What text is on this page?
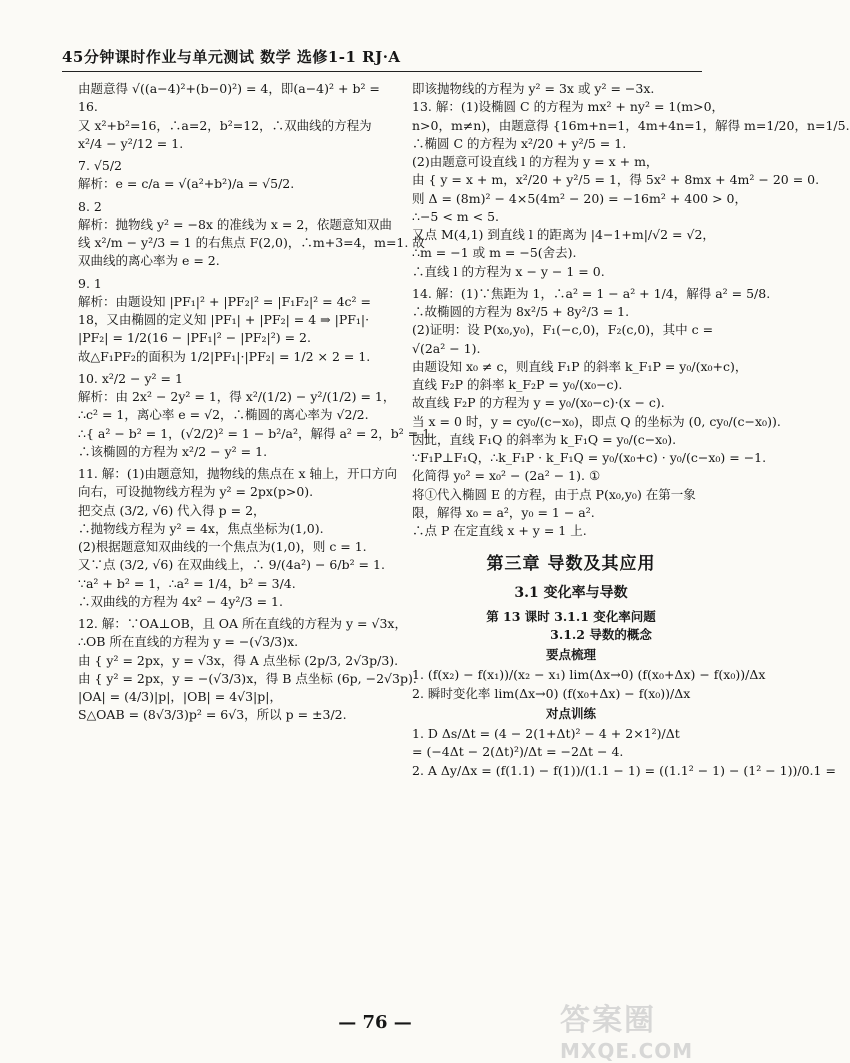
45分钟课时作业与单元测试 数学 选修1-1 RJ·A
由题意得 √((a−4)²+(b−0)²) = 4，即(a−4)² + b² =
16.
又 x²+b²=16，∴a=2，b²=12，∴双曲线的方程为
x²/4 − y²/12 = 1.
7. √5/2
解析：e = c/a = √(a²+b²)/a = √5/2.
8. 2
解析：抛物线 y² = −8x 的准线为 x = 2，依题意知双曲
线 x²/m − y²/3 = 1 的右焦点 F(2,0)，∴m+3=4，m=1. 故
双曲线的离心率为 e = 2.
9. 1
解析：由题设知 |PF₁|² + |PF₂|² = |F₁F₂|² = 4c² =
18，又由椭圆的定义知 |PF₁| + |PF₂| = 4 ⇒ |PF₁|·
|PF₂| = 1/2(16 − |PF₁|² − |PF₂|²) = 2.
故△F₁PF₂的面积为 1/2|PF₁|·|PF₂| = 1/2 × 2 = 1.
10. x²/2 − y² = 1
解析：由 2x² − 2y² = 1，得 x²/(1/2) − y²/(1/2) = 1，
∴c² = 1，离心率 e = √2，∴椭圆的离心率为 √2/2.
∴{ a² − b² = 1，(√2/2)² = 1 − b²/a²，解得 a² = 2，b² = 1.
∴该椭圆的方程为 x²/2 − y² = 1.
11. 解：(1)由题意知，抛物线的焦点在 x 轴上，开口方向
向右，可设抛物线方程为 y² = 2px(p>0).
把交点 (3/2, √6) 代入得 p = 2，
∴抛物线方程为 y² = 4x，焦点坐标为(1,0).
(2)根据题意知双曲线的一个焦点为(1,0)，则 c = 1.
又∵点 (3/2, √6) 在双曲线上，∴ 9/(4a²) − 6/b² = 1.
∵a² + b² = 1，∴a² = 1/4，b² = 3/4.
∴双曲线的方程为 4x² − 4y²/3 = 1.
12. 解：∵OA⊥OB，且 OA 所在直线的方程为 y = √3x，
∴OB 所在直线的方程为 y = −(√3/3)x.
由 { y² = 2px，y = √3x，得 A 点坐标 (2p/3, 2√3p/3).
由 { y² = 2px，y = −(√3/3)x，得 B 点坐标 (6p, −2√3p).
|OA| = (4/3)|p|，|OB| = 4√3|p|，
S△OAB = (8√3/3)p² = 6√3，所以 p = ±3/2.
即该抛物线的方程为 y² = 3x 或 y² = −3x.
13. 解：(1)设椭圆 C 的方程为 mx² + ny² = 1(m>0，
n>0，m≠n)，由题意得 {16m+n=1，4m+4n=1，解得 m=1/20，n=1/5.
∴椭圆 C 的方程为 x²/20 + y²/5 = 1.
(2)由题意可设直线 l 的方程为 y = x + m，
由 { y = x + m，x²/20 + y²/5 = 1，得 5x² + 8mx + 4m² − 20 = 0.
则 Δ = (8m)² − 4×5(4m² − 20) = −16m² + 400 > 0，
∴−5 < m < 5.
又点 M(4,1) 到直线 l 的距离为 |4−1+m|/√2 = √2，
∴m = −1 或 m = −5(舍去).
∴直线 l 的方程为 x − y − 1 = 0.
14. 解：(1)∵焦距为 1，∴a² = 1 − a² + 1/4，解得 a² = 5/8.
∴故椭圆的方程为 8x²/5 + 8y²/3 = 1.
(2)证明：设 P(x₀,y₀)，F₁(−c,0)，F₂(c,0)，其中 c =
√(2a² − 1).
由题设知 x₀ ≠ c，则直线 F₁P 的斜率 k_F₁P = y₀/(x₀+c)，
直线 F₂P 的斜率 k_F₂P = y₀/(x₀−c).
故直线 F₂P 的方程为 y = y₀/(x₀−c)·(x − c).
当 x = 0 时，y = cy₀/(c−x₀)，即点 Q 的坐标为 (0, cy₀/(c−x₀)).
因此，直线 F₁Q 的斜率为 k_F₁Q = y₀/(c−x₀).
∵F₁P⊥F₁Q，∴k_F₁P · k_F₁Q = y₀/(x₀+c) · y₀/(c−x₀) = −1.
化简得 y₀² = x₀² − (2a² − 1). ①
将①代入椭圆 E 的方程，由于点 P(x₀,y₀) 在第一象
限，解得 x₀ = a²，y₀ = 1 − a².
∴点 P 在定直线 x + y = 1 上.
第三章 导数及其应用
3.1 变化率与导数
第 13 课时 3.1.1 变化率问题
3.1.2 导数的概念
要点梳理
1. (f(x₂) − f(x₁))/(x₂ − x₁) lim(Δx→0) (f(x₀+Δx) − f(x₀))/Δx
2. 瞬时变化率 lim(Δx→0) (f(x₀+Δx) − f(x₀))/Δx
对点训练
1. D Δs/Δt = (4 − 2(1+Δt)² − 4 + 2×1²)/Δt
= (−4Δt − 2(Δt)²)/Δt = −2Δt − 4.
2. A Δy/Δx = (f(1.1) − f(1))/(1.1 − 1) = ((1.1² − 1) − (1² − 1))/0.1 =
— 76 —	答案圈
MXQE.COM
